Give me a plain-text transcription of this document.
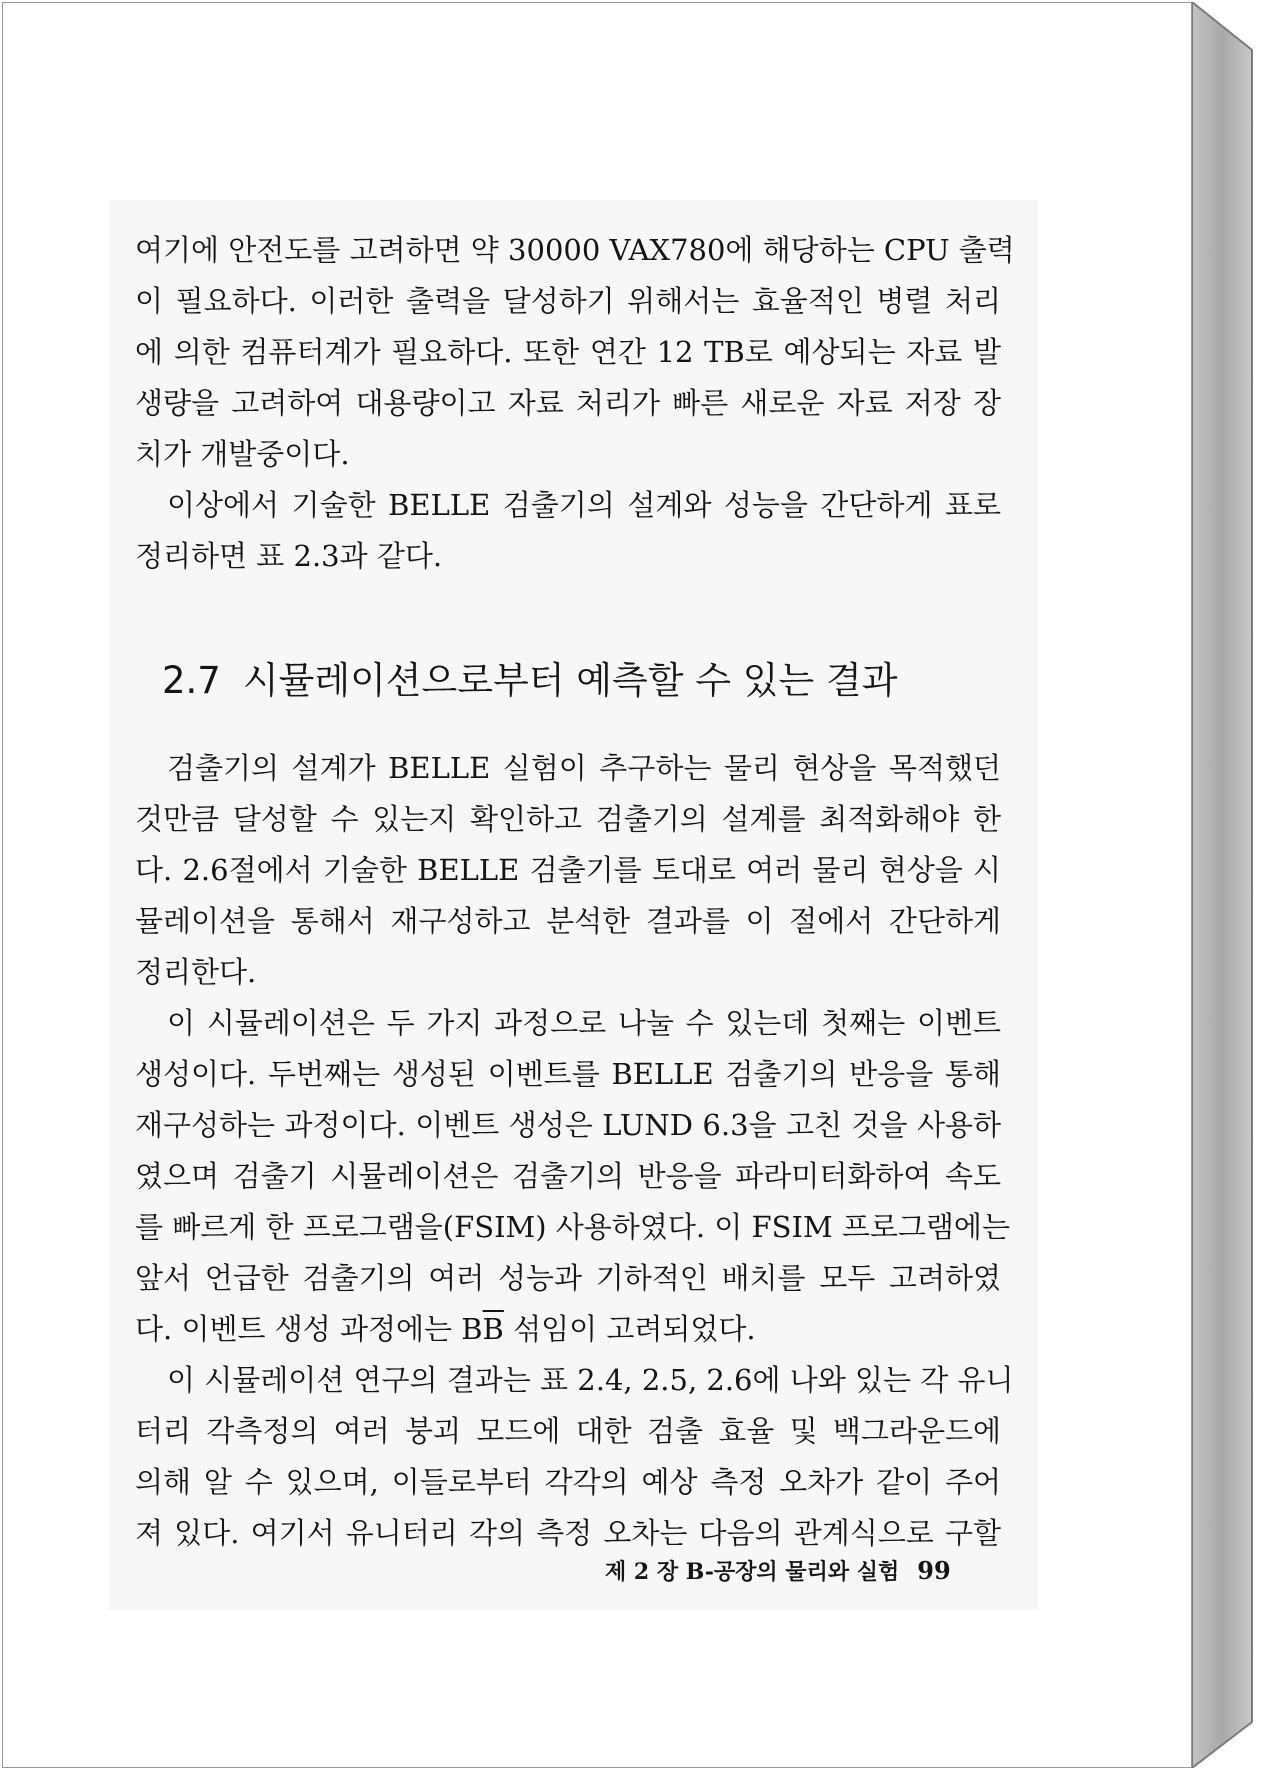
여기에 안전도를 고려하면 약 30000 VAX780에 해당하는 CPU 출력
이 필요하다. 이러한 출력을 달성하기 위해서는 효율적인 병렬 처리
에 의한 컴퓨터계가 필요하다. 또한 연간 12 TB로 예상되는 자료 발
생량을 고려하여 대용량이고 자료 처리가 빠른 새로운 자료 저장 장
치가 개발중이다.
이상에서 기술한 BELLE 검출기의 설계와 성능을 간단하게 표로
정리하면 표 2.3과 같다.
2.7 시뮬레이션으로부터 예측할 수 있는 결과
검출기의 설계가 BELLE 실험이 추구하는 물리 현상을 목적했던
것만큼 달성할 수 있는지 확인하고 검출기의 설계를 최적화해야 한
다. 2.6절에서 기술한 BELLE 검출기를 토대로 여러 물리 현상을 시
뮬레이션을 통해서 재구성하고 분석한 결과를 이 절에서 간단하게
정리한다.
이 시뮬레이션은 두 가지 과정으로 나눌 수 있는데 첫째는 이벤트
생성이다. 두번째는 생성된 이벤트를 BELLE 검출기의 반응을 통해
재구성하는 과정이다. 이벤트 생성은 LUND 6.3을 고친 것을 사용하
였으며 검출기 시뮬레이션은 검출기의 반응을 파라미터화하여 속도
를 빠르게 한 프로그램을(FSIM) 사용하였다. 이 FSIM 프로그램에는
앞서 언급한 검출기의 여러 성능과 기하적인 배치를 모두 고려하였
다. 이벤트 생성 과정에는 $B\overline{B}$ 섞임이 고려되었다.
이 시뮬레이션 연구의 결과는 표 2.4, 2.5, 2.6에 나와 있는 각 유니
터리 각측정의 여러 붕괴 모드에 대한 검출 효율 및 백그라운드에
의해 알 수 있으며, 이들로부터 각각의 예상 측정 오차가 같이 주어
져 있다. 여기서 유니터리 각의 측정 오차는 다음의 관계식으로 구할
제 2 장 B-공장의 물리와 실험 99
